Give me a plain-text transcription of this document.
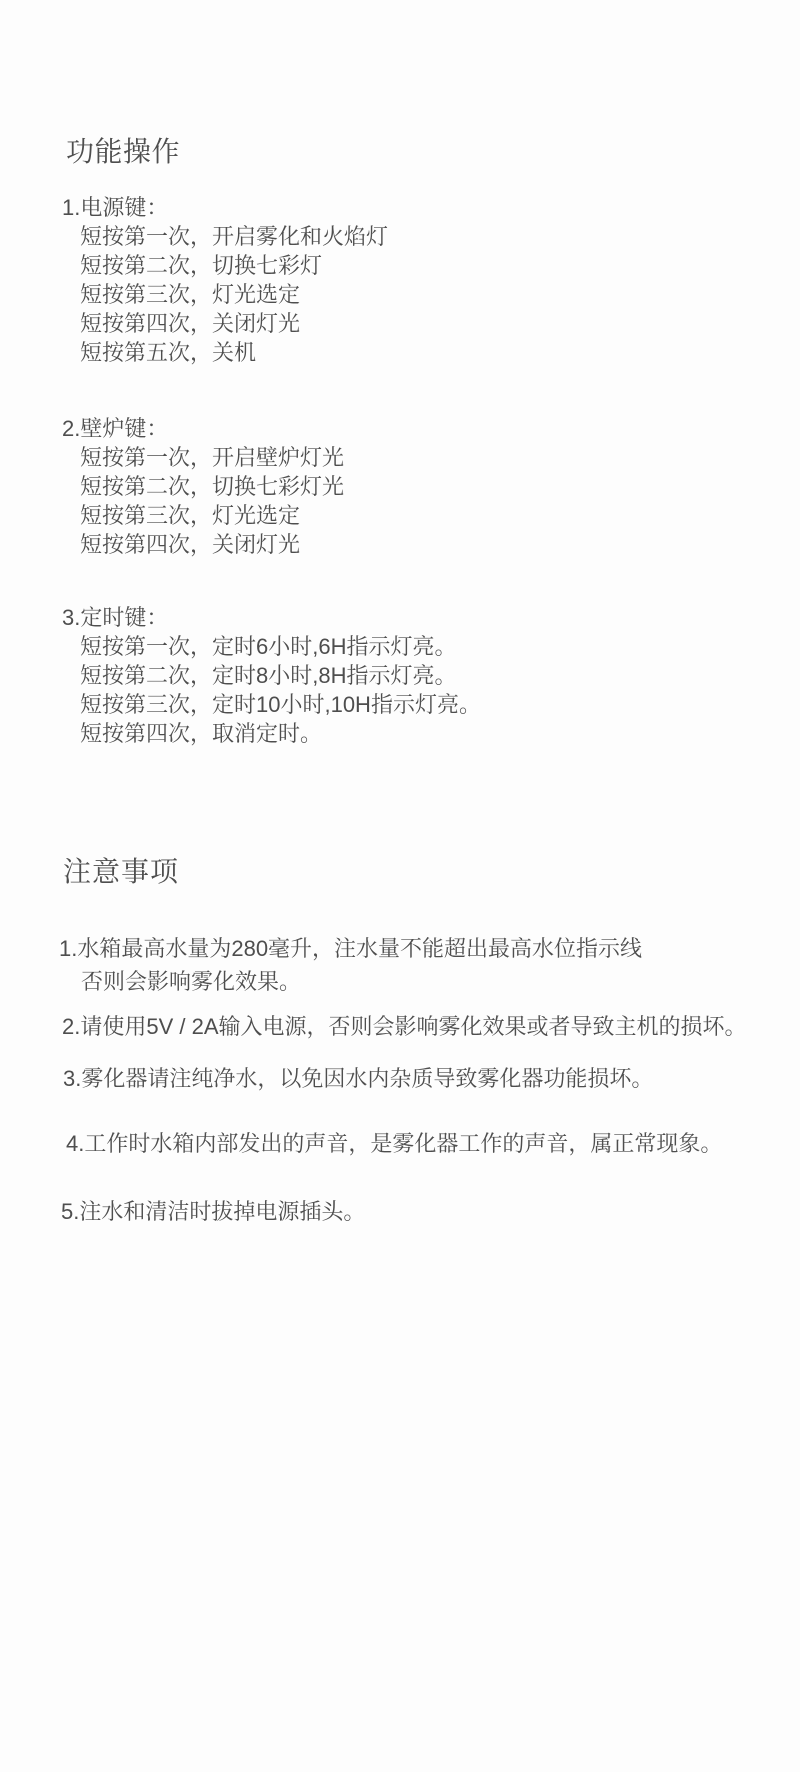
功能操作
1.电源键：
短按第一次，开启雾化和火焰灯
短按第二次，切换七彩灯
短按第三次，灯光选定
短按第四次，关闭灯光
短按第五次，关机
2.壁炉键：
短按第一次，开启壁炉灯光
短按第二次，切换七彩灯光
短按第三次，灯光选定
短按第四次，关闭灯光
3.定时键：
短按第一次，定时6小时,6H指示灯亮。
短按第二次，定时8小时,8H指示灯亮。
短按第三次，定时10小时,10H指示灯亮。
短按第四次，取消定时。
注意事项
1.水箱最高水量为280毫升，注水量不能超出最高水位指示线
否则会影响雾化效果。
2.请使用5V / 2A输入电源，否则会影响雾化效果或者导致主机的损坏。
3.雾化器请注纯净水，以免因水内杂质导致雾化器功能损坏。
4.工作时水箱内部发出的声音，是雾化器工作的声音，属正常现象。
5.注水和清洁时拔掉电源插头。
